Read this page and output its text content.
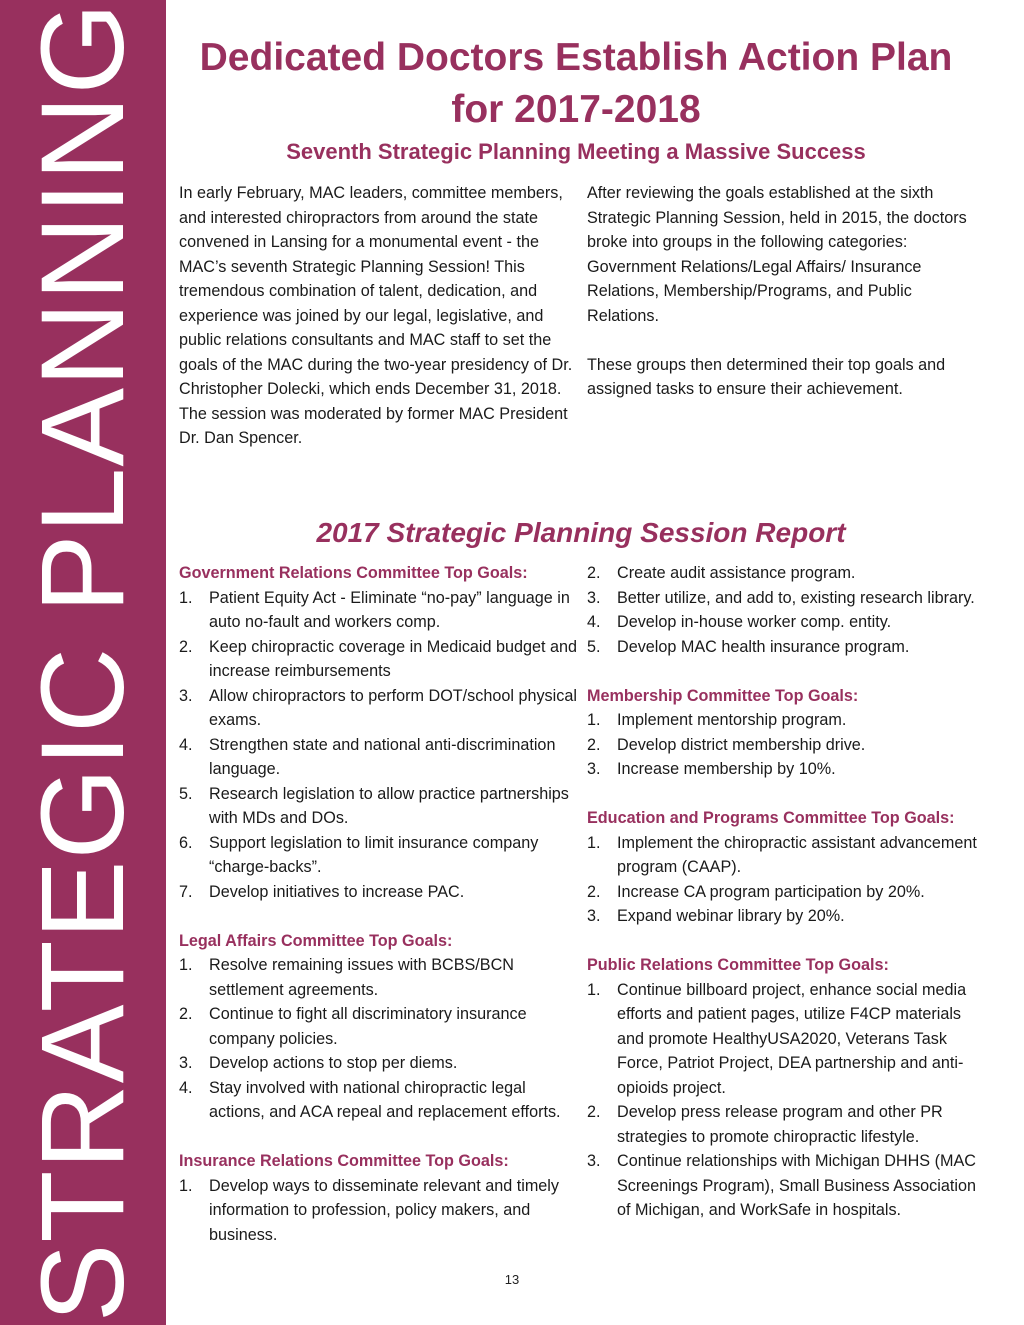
STRATEGIC PLANNING	Dedicated Doctors Establish Action Plan for 2017-2018
Seventh Strategic Planning Meeting a Massive Success

In early February, MAC leaders, committee members, and interested chiropractors from around the state convened in Lansing for a monumental event - the MAC’s seventh Strategic Planning Session! This tremendous combination of talent, dedication, and experience was joined by our legal, legislative, and public relations consultants and MAC staff to set the goals of the MAC during the two-year presidency of Dr. Christopher Dolecki, which ends December 31, 2018. The session was moderated by former MAC President Dr. Dan Spencer.

After reviewing the goals established at the sixth Strategic Planning Session, held in 2015, the doctors broke into groups in the following categories: Government Relations/Legal Affairs/ Insurance Relations, Membership/Programs, and Public Relations.

These groups then determined their top goals and assigned tasks to ensure their achievement.

2017 Strategic Planning Session Report

Government Relations Committee Top Goals:

1. Patient Equity Act - Eliminate “no-pay” language in auto no-fault and workers comp.
2. Keep chiropractic coverage in Medicaid budget and increase reimbursements
3. Allow chiropractors to perform DOT/school physical exams.
4. Strengthen state and national anti-discrimination language.
5. Research legislation to allow practice partnerships with MDs and DOs.
6. Support legislation to limit insurance company “charge-backs”.
7. Develop initiatives to increase PAC.

Legal Affairs Committee Top Goals:

1. Resolve remaining issues with BCBS/BCN settlement agreements.
2. Continue to fight all discriminatory insurance company policies.
3. Develop actions to stop per diems.
4. Stay involved with national chiropractic legal actions, and ACA repeal and replacement efforts.

Insurance Relations Committee Top Goals:

1. Develop ways to disseminate relevant and timely information to profession, policy makers, and business.
2. Create audit assistance program.
3. Better utilize, and add to, existing research library.
4. Develop in-house worker comp. entity.
5. Develop MAC health insurance program.

Membership Committee Top Goals:

1. Implement mentorship program.
2. Develop district membership drive.
3. Increase membership by 10%.

Education and Programs Committee Top Goals:

1. Implement the chiropractic assistant advancement program (CAAP).
2. Increase CA program participation by 20%.
3. Expand webinar library by 20%.

Public Relations Committee Top Goals:

1. Continue billboard project, enhance social media efforts and patient pages, utilize F4CP materials and promote HealthyUSA2020, Veterans Task Force, Patriot Project, DEA partnership and anti-opioids project.
2. Develop press release program and other PR strategies to promote chiropractic lifestyle.
3. Continue relationships with Michigan DHHS (MAC Screenings Program), Small Business Association of Michigan, and WorkSafe in hospitals.
13
